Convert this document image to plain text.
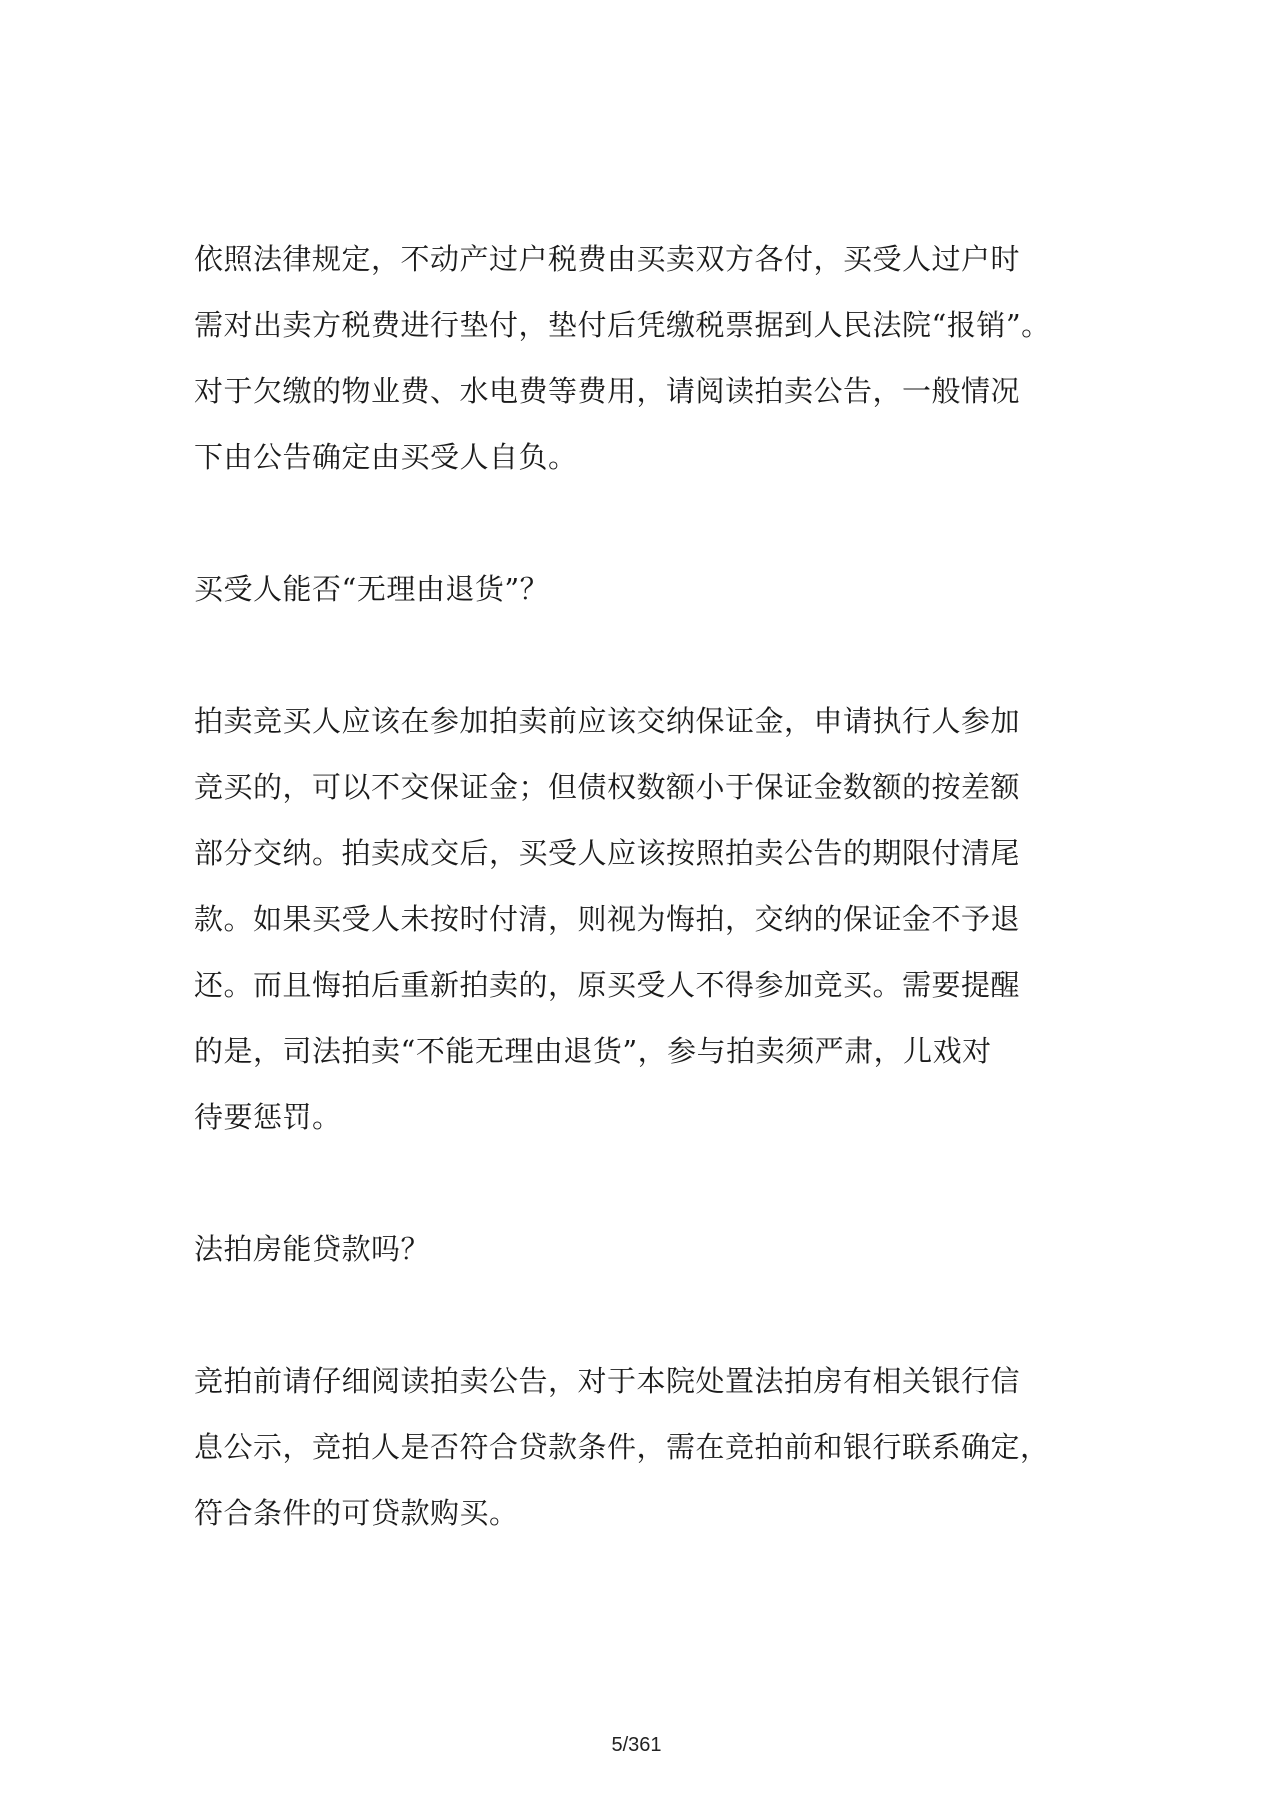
依照法律规定，不动产过户税费由买卖双方各付，买受人过户时
需对出卖方税费进行垫付，垫付后凭缴税票据到人民法院“报销”。
对于欠缴的物业费、水电费等费用，请阅读拍卖公告，一般情况
下由公告确定由买受人自负。
买受人能否“无理由退货”？
拍卖竞买人应该在参加拍卖前应该交纳保证金，申请执行人参加
竞买的，可以不交保证金；但债权数额小于保证金数额的按差额
部分交纳。拍卖成交后，买受人应该按照拍卖公告的期限付清尾
款。如果买受人未按时付清，则视为悔拍，交纳的保证金不予退
还。而且悔拍后重新拍卖的，原买受人不得参加竞买。需要提醒
的是，司法拍卖“不能无理由退货”，参与拍卖须严肃，儿戏对
待要惩罚。
法拍房能贷款吗？
竞拍前请仔细阅读拍卖公告，对于本院处置法拍房有相关银行信
息公示，竞拍人是否符合贷款条件，需在竞拍前和银行联系确定，
符合条件的可贷款购买。
5/361
